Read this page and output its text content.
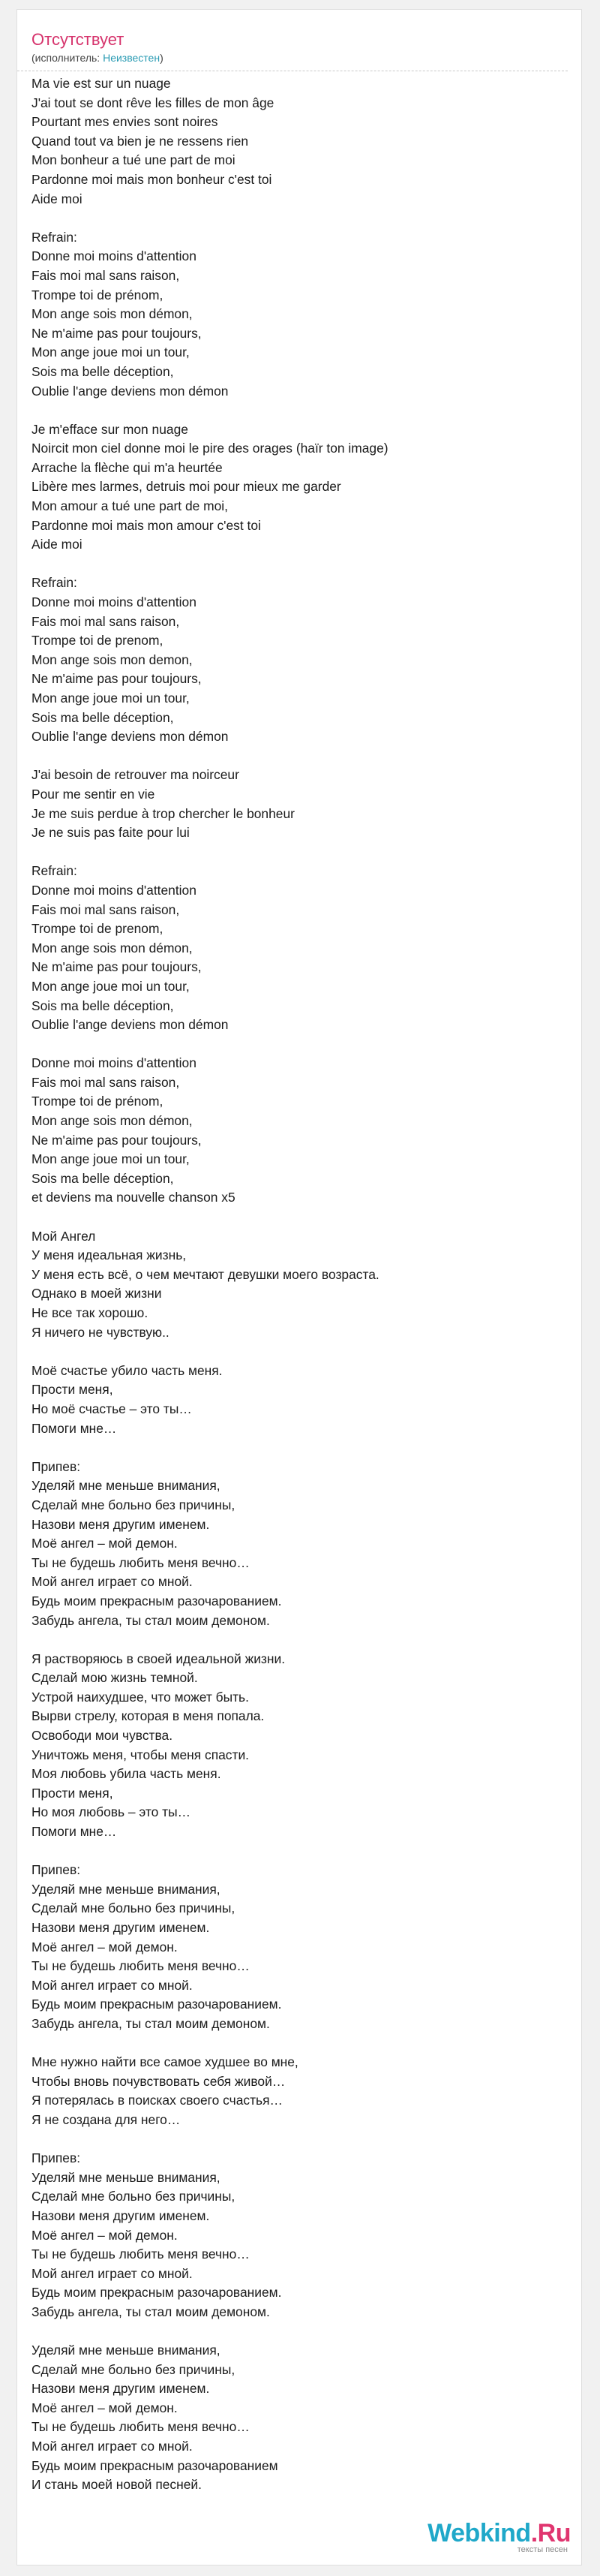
Отсутствует
(исполнитель: Неизвестен)
Ma vie est sur un nuage
J'ai tout se dont rêve les filles de mon âge
Pourtant mes envies sont noires
Quand tout va bien je ne ressens rien
Mon bonheur a tué une part de moi
Pardonne moi mais mon bonheur c'est toi
Aide moi
Refrain:
Donne moi moins d'attention
Fais moi mal sans raison,
Trompe toi de prénom,
Mon ange sois mon démon,
Ne m'aime pas pour toujours,
Mon ange joue moi un tour,
Sois ma belle déception,
Oublie l'ange deviens mon démon
Je m'efface sur mon nuage
Noircit mon ciel donne moi le pire des orages (haïr ton image)
Arrache la flèche qui m'a heurtée
Libère mes larmes, detruis moi pour mieux me garder
Mon amour a tué une part de moi,
Pardonne moi mais mon amour c'est toi
Aide moi
Refrain:
Donne moi moins d'attention
Fais moi mal sans raison,
Trompe toi de prenom,
Mon ange sois mon demon,
Ne m'aime pas pour toujours,
Mon ange joue moi un tour,
Sois ma belle déception,
Oublie l'ange deviens mon démon
J'ai besoin de retrouver ma noirceur
Pour me sentir en vie
Je me suis perdue à trop chercher le bonheur
Je ne suis pas faite pour lui
Refrain:
Donne moi moins d'attention
Fais moi mal sans raison,
Trompe toi de prenom,
Mon ange sois mon démon,
Ne m'aime pas pour toujours,
Mon ange joue moi un tour,
Sois ma belle déception,
Oublie l'ange deviens mon démon
Donne moi moins d'attention
Fais moi mal sans raison,
Trompe toi de prénom,
Mon ange sois mon démon,
Ne m'aime pas pour toujours,
Mon ange joue moi un tour,
Sois ma belle déception,
et deviens ma nouvelle chanson x5
Мой Ангел
У меня идеальная жизнь,
У меня есть всё, о чем мечтают девушки моего возраста.
Однако в моей жизни
Не все так хорошо.
Я ничего не чувствую..
Моё счастье убило часть меня.
Прости меня,
Но моё счастье – это ты…
Помоги мне…
Припев:
Уделяй мне меньше внимания,
Сделай мне больно без причины,
Назови меня другим именем.
Моё ангел – мой демон.
Ты не будешь любить меня вечно…
Мой ангел играет со мной.
Будь моим прекрасным разочарованием.
Забудь ангела, ты стал моим демоном.
Я растворяюсь в своей идеальной жизни.
Сделай мою жизнь темной.
Устрой наихудшее, что может быть.
Вырви стрелу, которая в меня попала.
Освободи мои чувства.
Уничтожь меня, чтобы меня спасти.
Моя любовь убила часть меня.
Прости меня,
Но моя любовь – это ты…
Помоги мне…
Припев:
Уделяй мне меньше внимания,
Сделай мне больно без причины,
Назови меня другим именем.
Моё ангел – мой демон.
Ты не будешь любить меня вечно…
Мой ангел играет со мной.
Будь моим прекрасным разочарованием.
Забудь ангела, ты стал моим демоном.
Мне нужно найти все самое худшее во мне,
Чтобы вновь почувствовать себя живой…
Я потерялась в поисках своего счастья…
Я не создана для него…
Припев:
Уделяй мне меньше внимания,
Сделай мне больно без причины,
Назови меня другим именем.
Моё ангел – мой демон.
Ты не будешь любить меня вечно…
Мой ангел играет со мной.
Будь моим прекрасным разочарованием.
Забудь ангела, ты стал моим демоном.
Уделяй мне меньше внимания,
Сделай мне больно без причины,
Назови меня другим именем.
Моё ангел – мой демон.
Ты не будешь любить меня вечно…
Мой ангел играет со мной.
Будь моим прекрасным разочарованием
И стань моей новой песней.
Webkind.Ru
тексты песен
